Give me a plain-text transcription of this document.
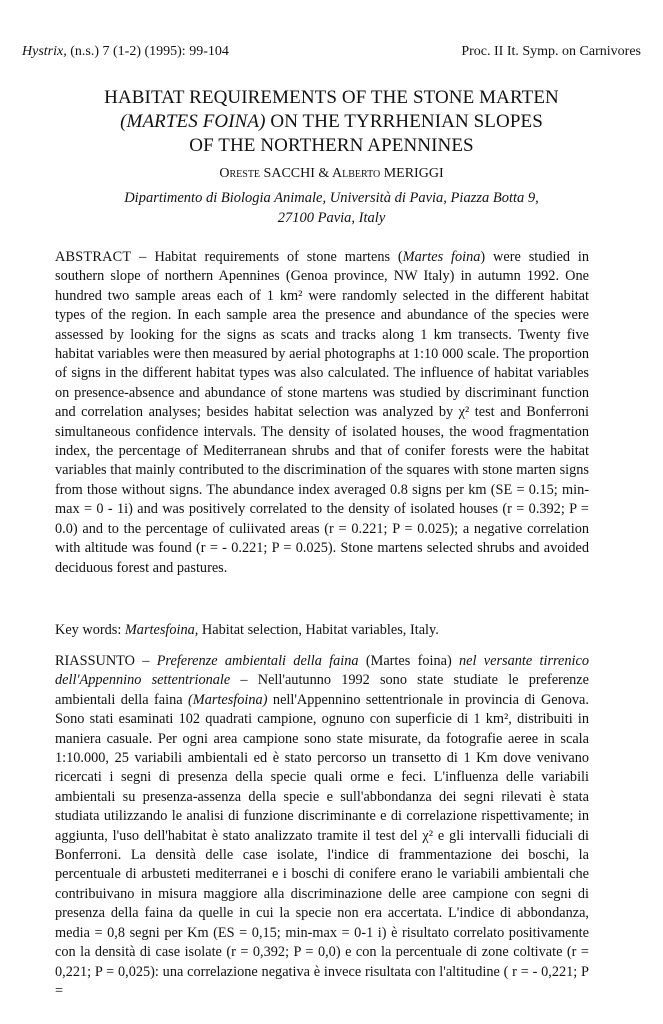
Hystrix, (n.s.) 7 (1-2) (1995): 99-104	Proc. II It. Symp. on Carnivores
HABITAT REQUIREMENTS OF THE STONE MARTEN
(MARTES FOINA) ON THE TYRRHENIAN SLOPES
OF THE NORTHERN APENNINES
Oreste SACCHI & Alberto MERIGGI
Dipartimento di Biologia Animale, Università di Pavia, Piazza Botta 9,
27100 Pavia, Italy

ABSTRACT – Habitat requirements of stone martens (Martes foina) were studied in southern slope of northern Apennines (Genoa province, NW Italy) in autumn 1992. One hundred two sample areas each of 1 km² were randomly selected in the different habitat types of the region. In each sample area the presence and abundance of the species were assessed by looking for the signs as scats and tracks along 1 km transects. Twenty five habitat variables were then measured by aerial photographs at 1:10 000 scale. The proportion of signs in the different habitat types was also calculated. The influence of habitat variables on presence-absence and abundance of stone martens was studied by discriminant function and correlation analyses; besides habitat selection was analyzed by χ² test and Bonferroni simultaneous confidence intervals. The density of isolated houses, the wood fragmentation index, the percentage of Mediterranean shrubs and that of conifer forests were the habitat variables that mainly contributed to the discrimination of the squares with stone marten signs from those without signs. The abundance index averaged 0.8 signs per km (SE = 0.15; min-max = 0 - 1i) and was positively correlated to the density of isolated houses (r = 0.392; P = 0.0) and to the percentage of culiivated areas (r = 0.221; P = 0.025); a negative correlation with altitude was found (r = - 0.221; P = 0.025). Stone martens selected shrubs and avoided deciduous forest and pastures.

Key words: Martesfoina, Habitat selection, Habitat variables, Italy.
RIASSUNTO – Preferenze ambientali della faina (Martes foina) nel versante tirrenico dell'Appennino settentrionale – Nell'autunno 1992 sono state studiate le preferenze ambientali della faina (Martesfoina) nell'Appennino settentrionale in provincia di Genova. Sono stati esaminati 102 quadrati campione, ognuno con superficie di 1 km², distribuiti in maniera casuale. Per ogni area campione sono state misurate, da fotografie aeree in scala 1:10.000, 25 variabili ambientali ed è stato percorso un transetto di 1 Km dove venivano ricercati i segni di presenza della specie quali orme e feci. L'influenza delle variabili ambientali su presenza-assenza della specie e sull'abbondanza dei segni rilevati è stata studiata utilizzando le analisi di funzione discriminante e di correlazione rispettivamente; in aggiunta, l'uso dell'habitat è stato analizzato tramite il test del χ² e gli intervalli fiduciali di Bonferroni. La densità delle case isolate, l'indice di frammentazione dei boschi, la percentuale di arbusteti mediterranei e i boschi di conifere erano le variabili ambientali che contribuivano in misura maggiore alla discriminazione delle aree campione con segni di presenza della faina da quelle in cui la specie non era accertata. L'indice di abbondanza, media = 0,8 segni per Km (ES = 0,15; min-max = 0-1 i) è risultato correlato positivamente con la densità di case isolate (r = 0,392; P = 0,0) e con la percentuale di zone coltivate (r = 0,221; P = 0,025): una correlazione negativa è invece risultata con l'altitudine ( r = - 0,221; P =
